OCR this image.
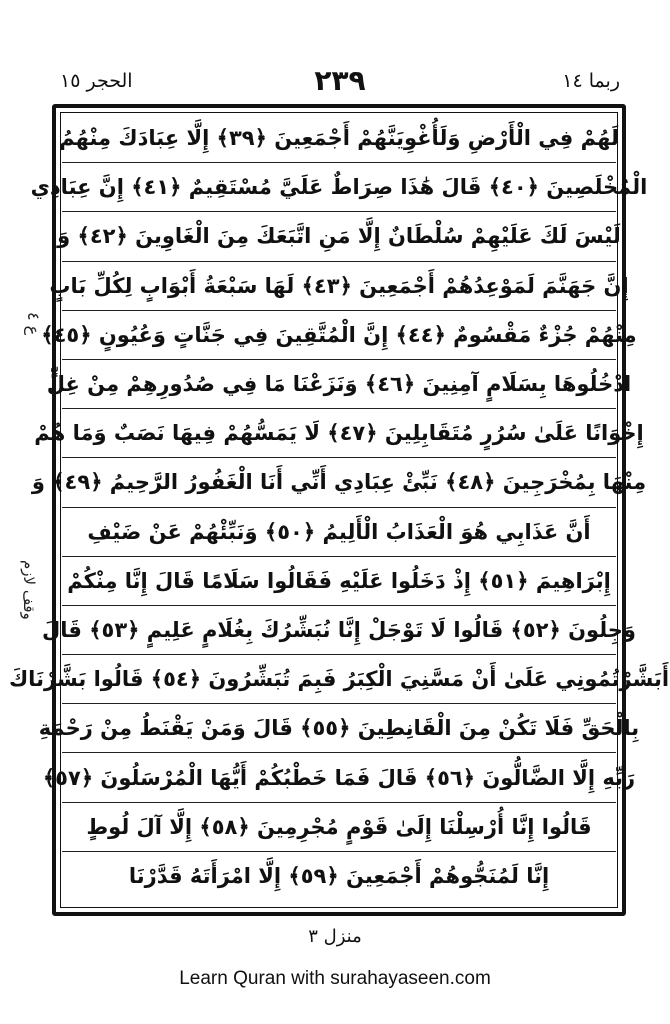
الحجر ١٥	٢٣٩	ربما ١٤
لَهُمْ فِي الْأَرْضِ وَلَأُغْوِيَنَّهُمْ أَجْمَعِينَ ﴿٣٩﴾ إِلَّا عِبَادَكَ مِنْهُمُ
الْمُخْلَصِينَ ﴿٤٠﴾ قَالَ هَٰذَا صِرَاطٌ عَلَيَّ مُسْتَقِيمٌ ﴿٤١﴾ إِنَّ عِبَادِي
لَيْسَ لَكَ عَلَيْهِمْ سُلْطَانٌ إِلَّا مَنِ اتَّبَعَكَ مِنَ الْغَاوِينَ ﴿٤٢﴾ وَ
إِنَّ جَهَنَّمَ لَمَوْعِدُهُمْ أَجْمَعِينَ ﴿٤٣﴾ لَهَا سَبْعَةُ أَبْوَابٍ لِكُلِّ بَابٍ
مِنْهُمْ جُزْءٌ مَقْسُومٌ ﴿٤٤﴾ إِنَّ الْمُتَّقِينَ فِي جَنَّاتٍ وَعُيُونٍ ﴿٤٥﴾
ادْخُلُوهَا بِسَلَامٍ آمِنِينَ ﴿٤٦﴾ وَنَزَعْنَا مَا فِي صُدُورِهِمْ مِنْ غِلٍّ
إِخْوَانًا عَلَىٰ سُرُرٍ مُتَقَابِلِينَ ﴿٤٧﴾ لَا يَمَسُّهُمْ فِيهَا نَصَبٌ وَمَا هُمْ
مِنْهَا بِمُخْرَجِينَ ﴿٤٨﴾ نَبِّئْ عِبَادِي أَنِّي أَنَا الْغَفُورُ الرَّحِيمُ ﴿٤٩﴾ وَ
أَنَّ عَذَابِي هُوَ الْعَذَابُ الْأَلِيمُ ﴿٥٠﴾ وَنَبِّئْهُمْ عَنْ ضَيْفِ
إِبْرَاهِيمَ ﴿٥١﴾ إِذْ دَخَلُوا عَلَيْهِ فَقَالُوا سَلَامًا قَالَ إِنَّا مِنْكُمْ
وَجِلُونَ ﴿٥٢﴾ قَالُوا لَا تَوْجَلْ إِنَّا نُبَشِّرُكَ بِغُلَامٍ عَلِيمٍ ﴿٥٣﴾ قَالَ
أَبَشَّرْتُمُونِي عَلَىٰ أَنْ مَسَّنِيَ الْكِبَرُ فَبِمَ تُبَشِّرُونَ ﴿٥٤﴾ قَالُوا بَشَّرْنَاكَ
بِالْحَقِّ فَلَا تَكُنْ مِنَ الْقَانِطِينَ ﴿٥٥﴾ قَالَ وَمَنْ يَقْنَطُ مِنْ رَحْمَةِ
رَبِّهِ إِلَّا الضَّالُّونَ ﴿٥٦﴾ قَالَ فَمَا خَطْبُكُمْ أَيُّهَا الْمُرْسَلُونَ ﴿٥٧﴾
قَالُوا إِنَّا أُرْسِلْنَا إِلَىٰ قَوْمٍ مُجْرِمِينَ ﴿٥٨﴾ إِلَّا آلَ لُوطٍ
إِنَّا لَمُنَجُّوهُمْ أَجْمَعِينَ ﴿٥٩﴾ إِلَّا امْرَأَتَهُ قَدَّرْنَا
ع ٤
وقف لازم
منزل ٣
Learn Quran with surahayaseen.com
